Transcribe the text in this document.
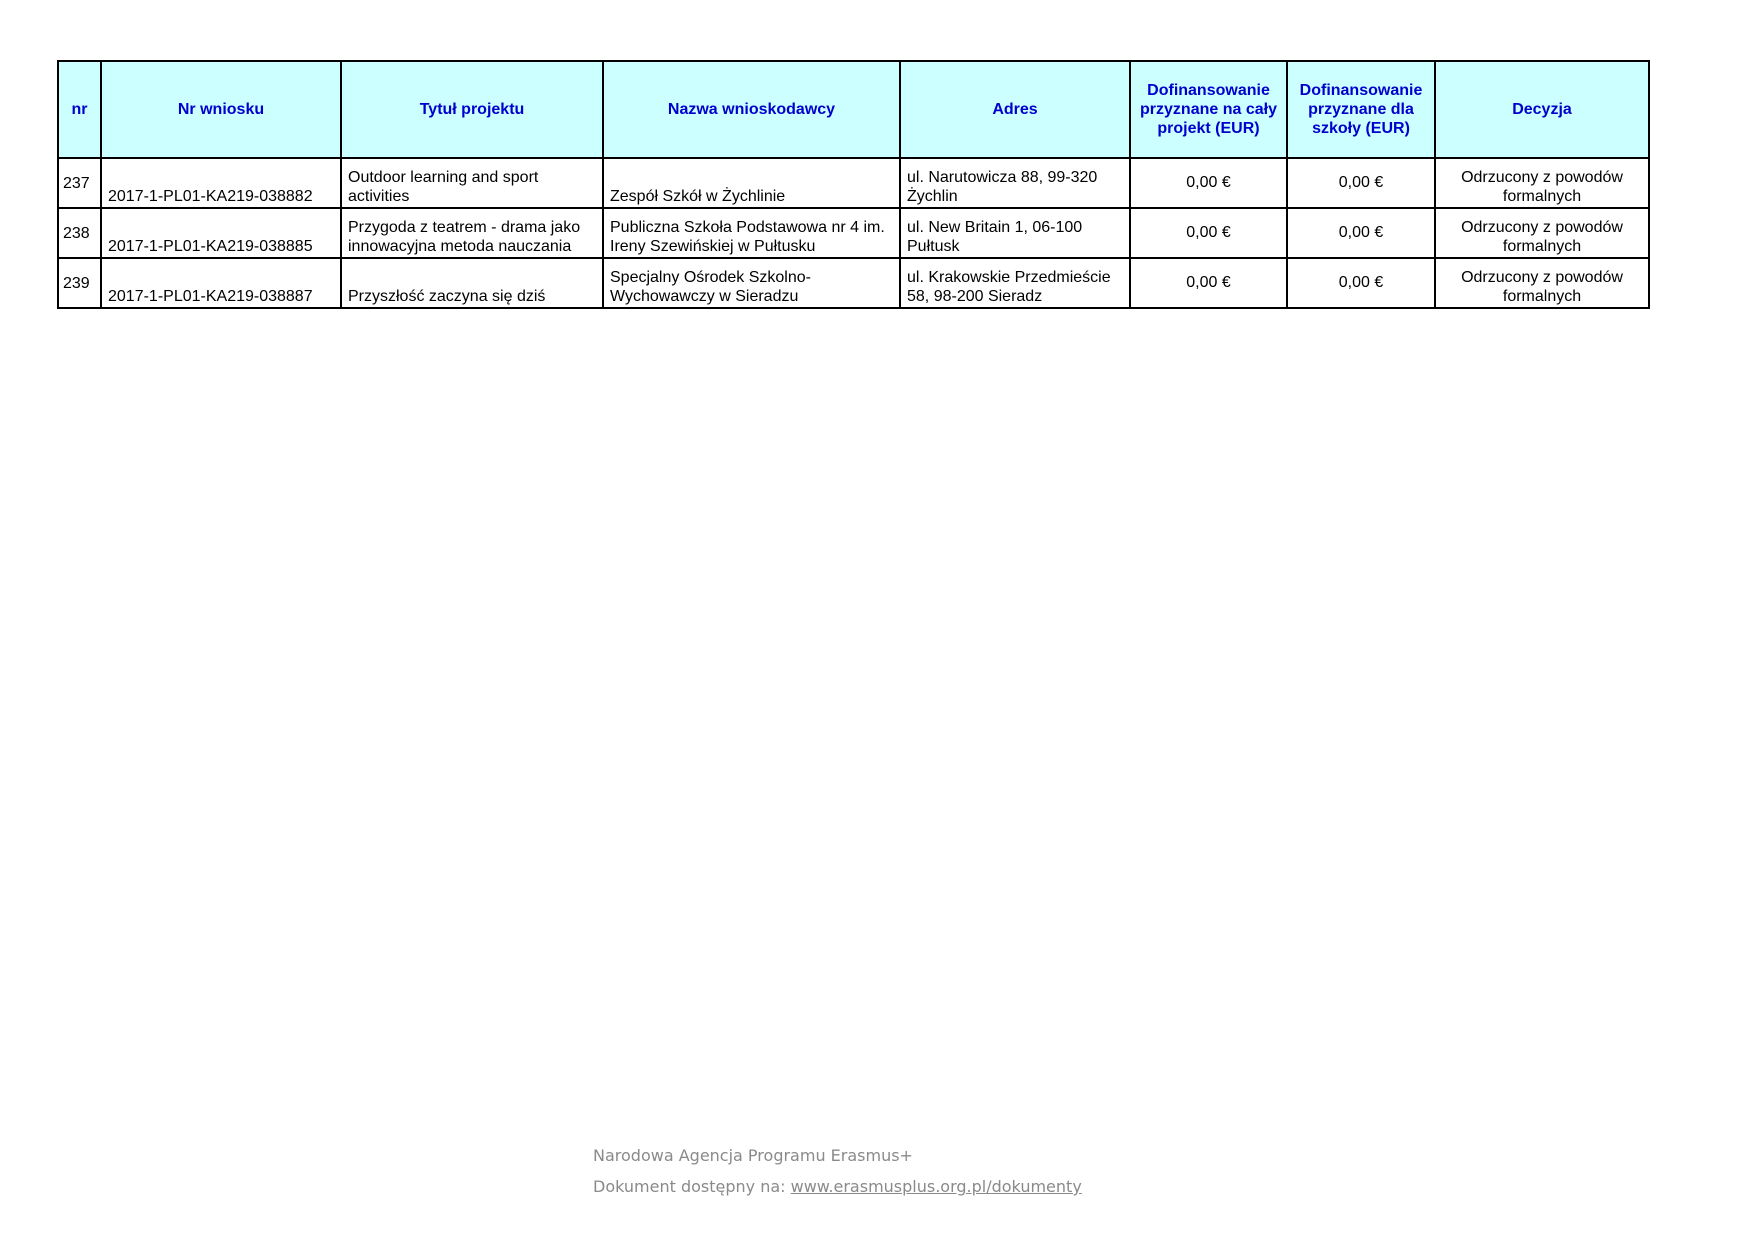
nr	Nr wniosku	Tytuł projektu	Nazwa wnioskodawcy	Adres	Dofinansowanie przyznane na cały projekt (EUR)	Dofinansowanie przyznane dla szkoły (EUR)	Decyzja
237	2017-1-PL01-KA219-038882	Outdoor learning and sport activities	Zespół Szkół w Żychlinie	ul. Narutowicza 88, 99-320 Żychlin	0,00 €	0,00 €	Odrzucony z powodów formalnych
238	2017-1-PL01-KA219-038885	Przygoda z teatrem - drama jako innowacyjna metoda nauczania	Publiczna Szkoła Podstawowa nr 4 im. Ireny Szewińskiej w Pułtusku	ul. New Britain 1, 06-100 Pułtusk	0,00 €	0,00 €	Odrzucony z powodów formalnych
239	2017-1-PL01-KA219-038887	Przyszłość zaczyna się dziś	Specjalny Ośrodek Szkolno-Wychowawczy w Sieradzu	ul. Krakowskie Przedmieście 58, 98-200 Sieradz	0,00 €	0,00 €	Odrzucony z powodów formalnych
Narodowa Agencja Programu Erasmus+
Dokument dostępny na: www.erasmusplus.org.pl/dokumenty
